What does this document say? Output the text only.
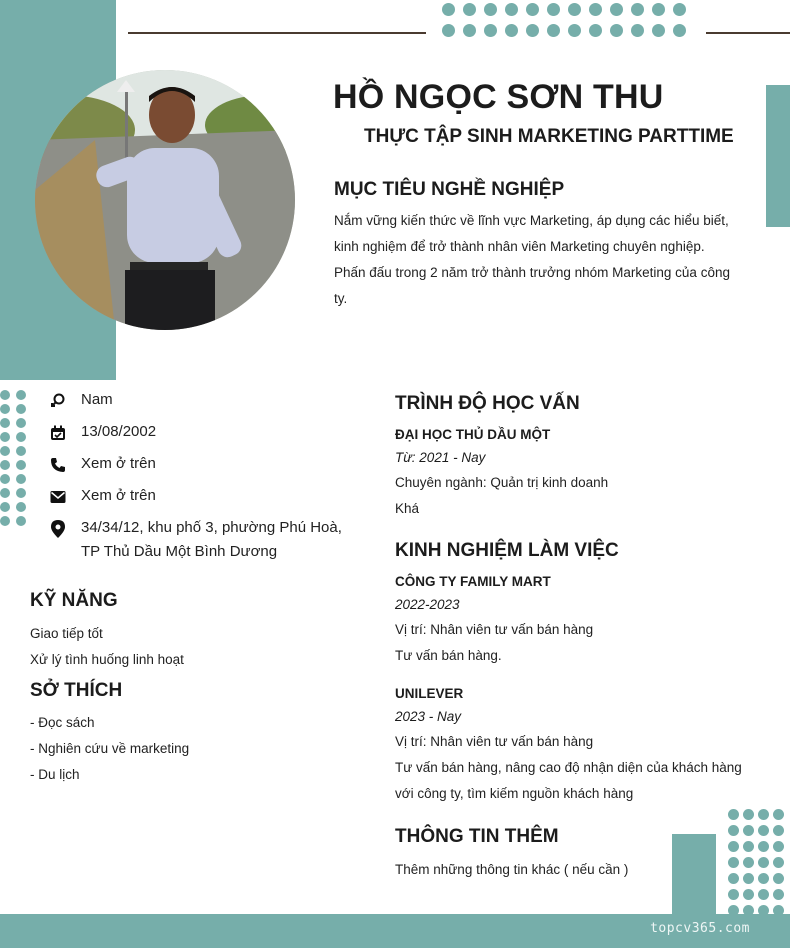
HỒ NGỌC SƠN THU
THỰC TẬP SINH MARKETING PARTTIME
MỤC TIÊU NGHỀ NGHIỆP
Nắm vững kiến thức về lĩnh vực Marketing, áp dụng các hiểu biết,
kinh nghiệm để trở thành nhân viên Marketing chuyên nghiệp.
Phấn đấu trong 2 năm trở thành trưởng nhóm Marketing của công
ty.
Nam
13/08/2002
Xem ở trên
Xem ở trên
34/34/12, khu phố 3, phường Phú Hoà,
TP Thủ Dầu Một Bình Dương
KỸ NĂNG
Giao tiếp tốt
Xử lý tình huống linh hoạt
SỞ THÍCH
- Đọc sách
- Nghiên cứu về marketing
- Du lịch
TRÌNH ĐỘ HỌC VẤN
ĐẠI HỌC THỦ DẦU MỘT
Từ: 2021 - Nay
Chuyên ngành: Quản trị kinh doanh
Khá
KINH NGHIỆM LÀM VIỆC
CÔNG TY FAMILY MART
2022-2023
Vị trí: Nhân viên tư vấn bán hàng
Tư vấn bán hàng.
UNILEVER
2023 - Nay
Vị trí: Nhân viên tư vấn bán hàng
Tư vấn bán hàng, nâng cao độ nhận diện của khách hàng
với công ty, tìm kiếm nguồn khách hàng
THÔNG TIN THÊM
Thêm những thông tin khác ( nếu cần )
topcv365.com
